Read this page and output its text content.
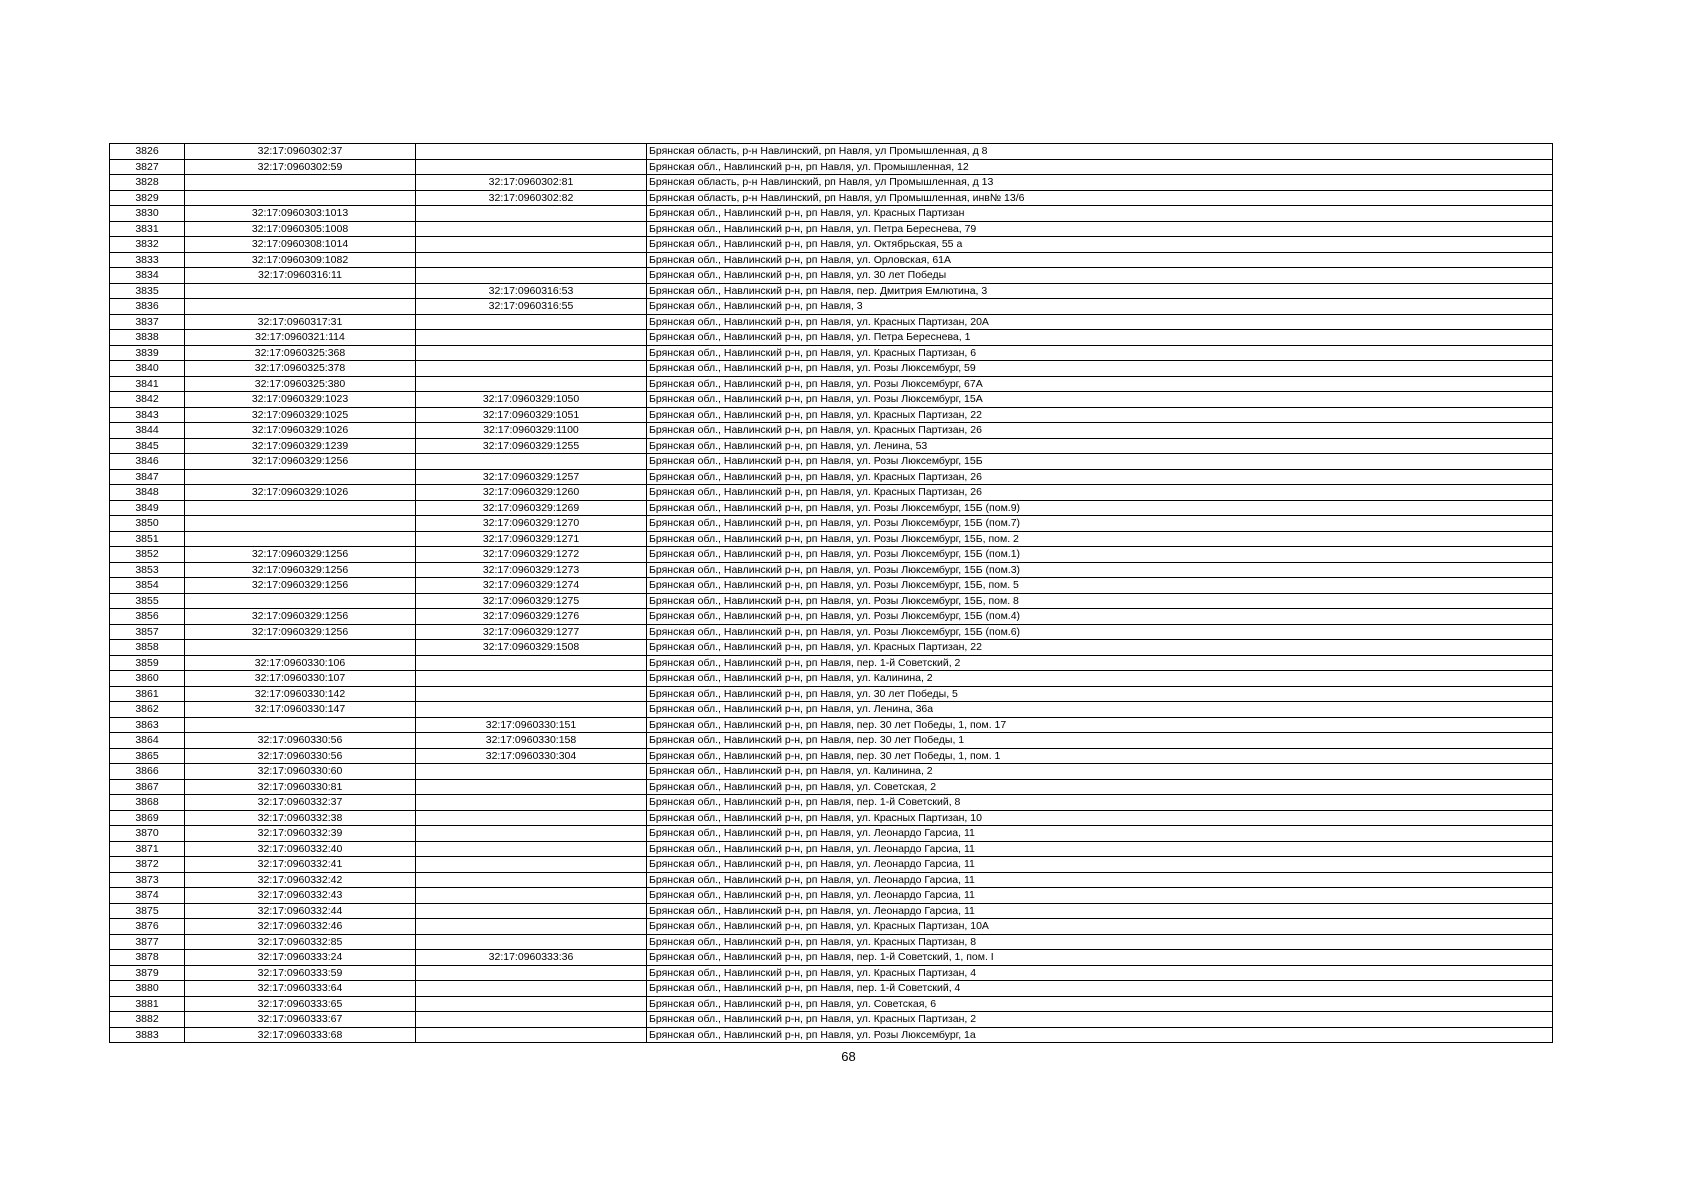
3826	32:17:0960302:37		Брянская область, р-н Навлинский, рп Навля, ул Промышленная, д 8
3827	32:17:0960302:59		Брянская обл., Навлинский р-н, рп Навля, ул. Промышленная, 12
3828		32:17:0960302:81	Брянская область, р-н Навлинский, рп Навля, ул Промышленная, д 13
3829		32:17:0960302:82	Брянская область, р-н Навлинский, рп Навля, ул Промышленная, инв№ 13/6
3830	32:17:0960303:1013		Брянская обл., Навлинский р-н, рп Навля, ул. Красных Партизан
3831	32:17:0960305:1008		Брянская обл., Навлинский р-н, рп Навля, ул. Петра Береснева, 79
3832	32:17:0960308:1014		Брянская обл., Навлинский р-н, рп Навля, ул. Октябрьская, 55 а
3833	32:17:0960309:1082		Брянская обл., Навлинский р-н, рп Навля, ул. Орловская, 61А
3834	32:17:0960316:11		Брянская обл., Навлинский р-н, рп Навля, ул. 30 лет Победы
3835		32:17:0960316:53	Брянская обл., Навлинский р-н, рп Навля, пер. Дмитрия Емлютина, 3
3836		32:17:0960316:55	Брянская обл., Навлинский р-н, рп Навля, 3
3837	32:17:0960317:31		Брянская обл., Навлинский р-н, рп Навля, ул. Красных Партизан, 20А
3838	32:17:0960321:114		Брянская обл., Навлинский р-н, рп Навля, ул. Петра Береснева, 1
3839	32:17:0960325:368		Брянская обл., Навлинский р-н, рп Навля, ул. Красных Партизан, 6
3840	32:17:0960325:378		Брянская обл., Навлинский р-н, рп Навля, ул. Розы Люксембург, 59
3841	32:17:0960325:380		Брянская обл., Навлинский р-н, рп Навля, ул. Розы Люксембург, 67А
3842	32:17:0960329:1023	32:17:0960329:1050	Брянская обл., Навлинский р-н, рп Навля, ул. Розы Люксембург, 15А
3843	32:17:0960329:1025	32:17:0960329:1051	Брянская обл., Навлинский р-н, рп Навля, ул. Красных Партизан, 22
3844	32:17:0960329:1026	32:17:0960329:1100	Брянская обл., Навлинский р-н, рп Навля, ул. Красных Партизан, 26
3845	32:17:0960329:1239	32:17:0960329:1255	Брянская обл., Навлинский р-н, рп Навля, ул. Ленина, 53
3846	32:17:0960329:1256		Брянская обл., Навлинский р-н, рп Навля, ул. Розы Люксембург, 15Б
3847		32:17:0960329:1257	Брянская обл., Навлинский р-н, рп Навля, ул. Красных Партизан, 26
3848	32:17:0960329:1026	32:17:0960329:1260	Брянская обл., Навлинский р-н, рп Навля, ул. Красных Партизан, 26
3849		32:17:0960329:1269	Брянская обл., Навлинский р-н, рп Навля, ул. Розы Люксембург, 15Б (пом.9)
3850		32:17:0960329:1270	Брянская обл., Навлинский р-н, рп Навля, ул. Розы Люксембург, 15Б (пом.7)
3851		32:17:0960329:1271	Брянская обл., Навлинский р-н, рп Навля, ул. Розы Люксембург, 15Б, пом. 2
3852	32:17:0960329:1256	32:17:0960329:1272	Брянская обл., Навлинский р-н, рп Навля, ул. Розы Люксембург, 15Б (пом.1)
3853	32:17:0960329:1256	32:17:0960329:1273	Брянская обл., Навлинский р-н, рп Навля, ул. Розы Люксембург, 15Б (пом.3)
3854	32:17:0960329:1256	32:17:0960329:1274	Брянская обл., Навлинский р-н, рп Навля, ул. Розы Люксембург, 15Б, пом. 5
3855		32:17:0960329:1275	Брянская обл., Навлинский р-н, рп Навля, ул. Розы Люксембург, 15Б, пом. 8
3856	32:17:0960329:1256	32:17:0960329:1276	Брянская обл., Навлинский р-н, рп Навля, ул. Розы Люксембург, 15Б (пом.4)
3857	32:17:0960329:1256	32:17:0960329:1277	Брянская обл., Навлинский р-н, рп Навля, ул. Розы Люксембург, 15Б (пом.6)
3858		32:17:0960329:1508	Брянская обл., Навлинский р-н, рп Навля, ул. Красных Партизан, 22
3859	32:17:0960330:106		Брянская обл., Навлинский р-н, рп Навля, пер. 1-й Советский, 2
3860	32:17:0960330:107		Брянская обл., Навлинский р-н, рп Навля, ул. Калинина, 2
3861	32:17:0960330:142		Брянская обл., Навлинский р-н, рп Навля, ул. 30 лет Победы, 5
3862	32:17:0960330:147		Брянская обл., Навлинский р-н, рп Навля, ул. Ленина, 36а
3863		32:17:0960330:151	Брянская обл., Навлинский р-н, рп Навля, пер. 30 лет Победы, 1, пом. 17
3864	32:17:0960330:56	32:17:0960330:158	Брянская обл., Навлинский р-н, рп Навля, пер. 30 лет Победы, 1
3865	32:17:0960330:56	32:17:0960330:304	Брянская обл., Навлинский р-н, рп Навля, пер. 30 лет Победы, 1, пом. 1
3866	32:17:0960330:60		Брянская обл., Навлинский р-н, рп Навля, ул. Калинина, 2
3867	32:17:0960330:81		Брянская обл., Навлинский р-н, рп Навля, ул. Советская, 2
3868	32:17:0960332:37		Брянская обл., Навлинский р-н, рп Навля, пер. 1-й Советский, 8
3869	32:17:0960332:38		Брянская обл., Навлинский р-н, рп Навля, ул. Красных Партизан, 10
3870	32:17:0960332:39		Брянская обл., Навлинский р-н, рп Навля, ул. Леонардо Гарсиа, 11
3871	32:17:0960332:40		Брянская обл., Навлинский р-н, рп Навля, ул. Леонардо Гарсиа, 11
3872	32:17:0960332:41		Брянская обл., Навлинский р-н, рп Навля, ул. Леонардо Гарсиа, 11
3873	32:17:0960332:42		Брянская обл., Навлинский р-н, рп Навля, ул. Леонардо Гарсиа, 11
3874	32:17:0960332:43		Брянская обл., Навлинский р-н, рп Навля, ул. Леонардо Гарсиа, 11
3875	32:17:0960332:44		Брянская обл., Навлинский р-н, рп Навля, ул. Леонардо Гарсиа, 11
3876	32:17:0960332:46		Брянская обл., Навлинский р-н, рп Навля, ул. Красных Партизан, 10А
3877	32:17:0960332:85		Брянская обл., Навлинский р-н, рп Навля, ул. Красных Партизан, 8
3878	32:17:0960333:24	32:17:0960333:36	Брянская обл., Навлинский р-н, рп Навля, пер. 1-й Советский, 1, пом. I
3879	32:17:0960333:59		Брянская обл., Навлинский р-н, рп Навля, ул. Красных Партизан, 4
3880	32:17:0960333:64		Брянская обл., Навлинский р-н, рп Навля, пер. 1-й Советский, 4
3881	32:17:0960333:65		Брянская обл., Навлинский р-н, рп Навля, ул. Советская, 6
3882	32:17:0960333:67		Брянская обл., Навлинский р-н, рп Навля, ул. Красных Партизан, 2
3883	32:17:0960333:68		Брянская обл., Навлинский р-н, рп Навля, ул. Розы Люксембург, 1а
68
